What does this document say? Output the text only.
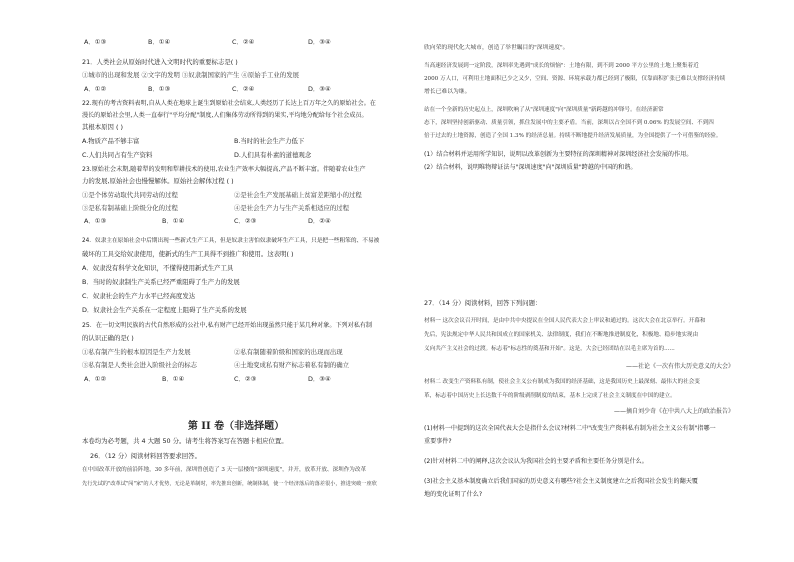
A．①③	B．①④	C．②④	D．③④
21．人类社会从原始时代进入文明时代的重要标志是( )
①城市的出现和发展 ②文字的发明 ③奴隶制国家的产生 ④原始手工业的发展
A．①②	B．①③	C．②④	D．③④
22.现有的考古资料表明,自从人类在地球上诞生到原始社会结束,人类经历了长达上百万年之久的原始社会。在
漫长的原始社会里,人类一直奉行"平均分配"制度,人们集体劳动所得到的果实,平均地分配给每个社会成员。
其根本原因 ( )
A.物质产品不够丰富	B.当时的社会生产力低下
C.人们共同占有生产资料	D.人们具有朴素的道德观念
23.原始社会末期,随着犁的发明和犁耕技术的使用,农业生产效率大幅提高,产品不断丰富。伴随着农业生产
力的发展,原始社会也慢慢解体。原始社会解体过程 ( )
①是个体劳动取代共同劳动的过程	②是社会生产发展基础上贫富差距缩小的过程
③是私有制基础上阶级分化的过程	④是社会生产力与生产关系相适应的过程
A．①③	B．①④	C．②③	D．②④
24．奴隶主在原始社会中后期出现一些新式生产工具，但是奴隶主害怕奴隶破坏生产工具，只是把一些粗笨的、不易被
破坏的工具交给奴隶使用，使新式的生产工具得不到推广和使用。这表明( )
A．奴隶没有科学文化知识，不懂得使用新式生产工具
B．当时的奴隶制生产关系已经严重阻碍了生产力的发展
C．奴隶社会的生产力水平已经高度发达
D．奴隶社会生产关系在一定程度上阻碍了生产关系的发展
25．在一切文明民族的古代自然形成的公社中,私有财产已经开始出现虽然只能于某几种对象。下列对私有制
的认识正确的是( )
①私有制产生的根本原因是生产力发展	②私有制随着阶级和国家的出现而出现
③私有制是人类社会进入阶级社会的标志	④土地变成私有财产标志着私有制的确立
A．①②	B．①④	C．②③	D．③④
第 II 卷（非选择题）
本卷均为必考题，共 4 大题 50 分。请考生将答案写在答题卡相应位置。
26．（12 分）阅读材料回答要求回答。
在中国改革开放的前沿阵地，30 多年前，深圳曾创造了 3 天一层楼的"深圳速度"，并开，放革开放、深圳作为改革
先行先试的"改革试"闯"家"的人才优势，无论是革制时，率先推出创新，统制体制，使一个经济落后的落差很小，推进突破一座欣
欣向荣的现代化大城市，创造了举世瞩目的"深圳速度"。
当高速经济发展到一定阶段，深圳率先遇到"成长的烦恼"：土地有限，到不到 2000 平方公里的土地上聚集着近
2000 万人口，可利用土地面积已少之又少，空间、资源、环境承载力都已经到了极限，仅靠面积扩张已难以支撑经济持续
增长已难以为继。
站在一个全新的历史起点上，深圳吹响了从"深圳速度"向"深圳质量"新跨越的冲锋号。在经济新常
态下，深圳坚持创新驱动、质量引领，抓住发展中的主要矛盾。当前，深圳以占全国不到 0.06% 的发展空间、不到四
倍于过去的土地资源，创造了全国 1.3% 的经济总量。持续不断地提升经济发展质量，为全国提供了一个可借鉴的经验。
(1）结合材料并运用所学知识，说明以改革创新为主要特征的深圳精神对深圳经济社会发展的作用。
(2）结合材料，说明唯物辩证法与"深圳速度"向"深圳质量"跨越的中国的和谐。
27．（14 分）阅读材料，回答下列问题：
材料一 这次会议召开时间，是由中共中央提议在全国人民代表大会上审议和通过的。这次大会在北京举行。开幕和
先后，宪法规定中华人民共和国成立的国家机关、法律制度，我们在不断地推进制度化，积极地、稳步地实现由
义向共产主义社会的过渡。标志着"标志性的奠基和开始"。这是，大会已经团结在以毛主席为首的......
——社论《一次有伟大历史意义的大会》
材料二 改变生产资料私有制，使社会主义公有制成为我国的经济基础，这是我国历史上最深刻、最伟大的社会变
革，标志着中国历史上长达数千年的阶级剥削制度的结束，基本上完成了社会主义制度在中国的建立。
——摘自刘少奇《在中共八大上的政治报告》
(1)材料一中提到的这次全国代表大会是指什么会议?材料二中"改变生产资料私有制为社会主义公有制"指哪一
重要事件?
(2)针对材料二中的阐释,这次会议认为我国社会的主要矛盾和主要任务分别是什么。
(3)社会主义基本制度确立后我们国家的历史意义有哪些?社会主义制度建立之后我国社会发生的翻天覆
地的变化证明了什么?
